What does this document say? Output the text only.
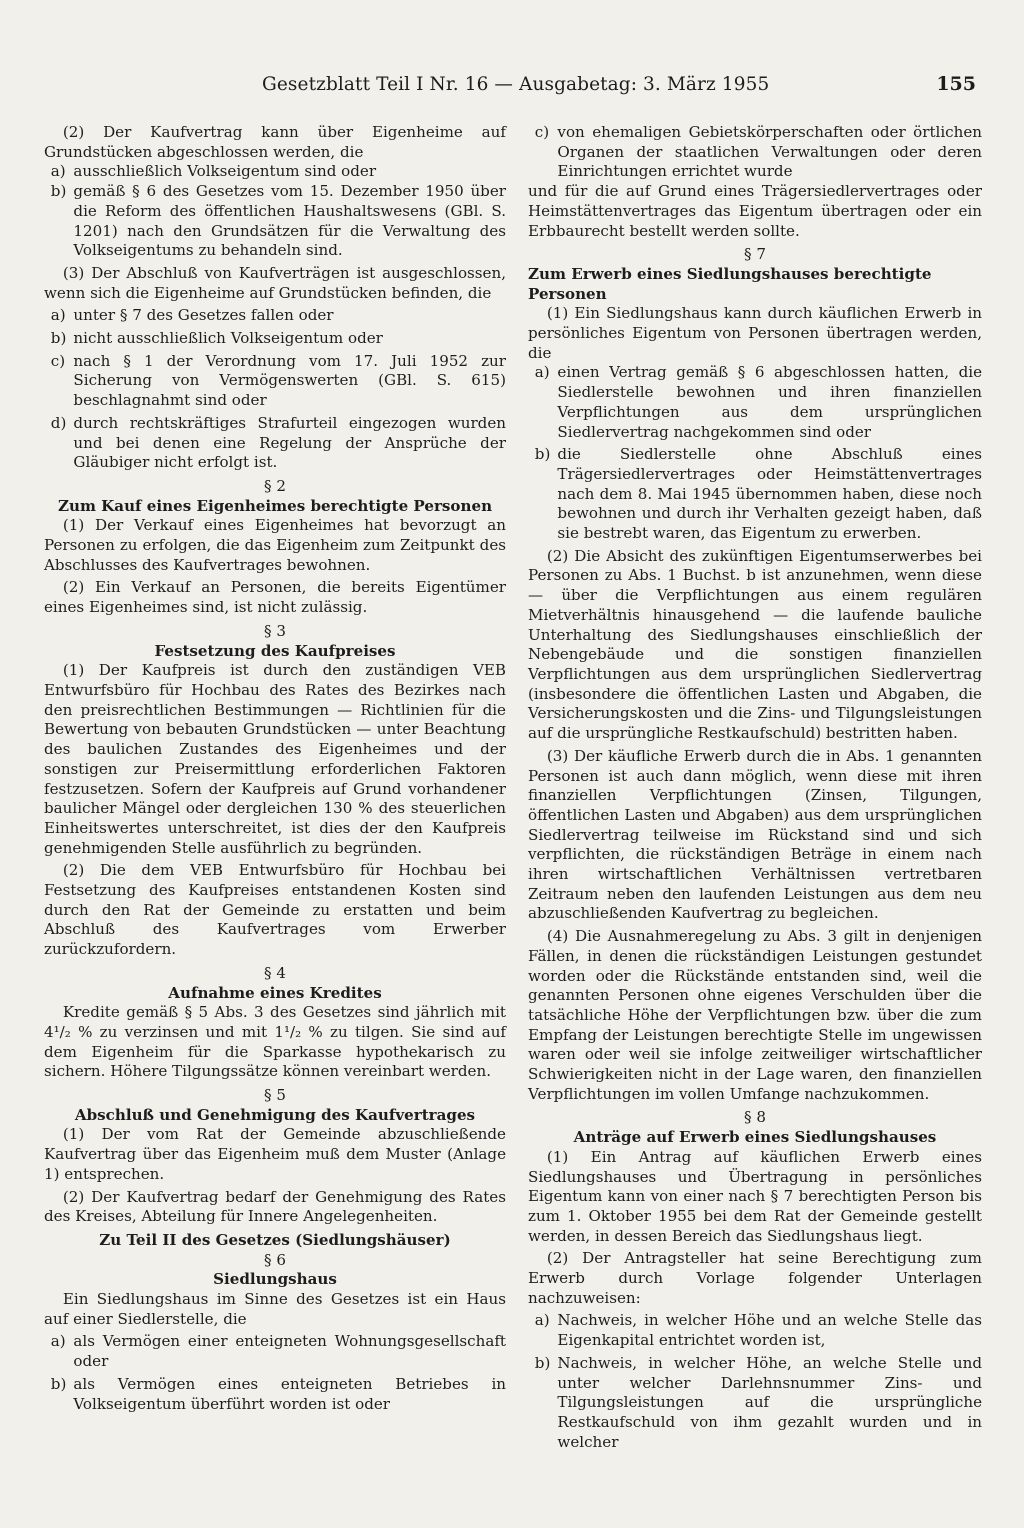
Gesetzblatt Teil I Nr. 16 — Ausgabetag: 3. März 1955	155

(2) Der Kaufvertrag kann über Eigenheime auf Grundstücken abgeschlossen werden, die

a) ausschließlich Volkseigentum sind oder
b) gemäß § 6 des Gesetzes vom 15. Dezember 1950 über die Reform des öffentlichen Haushaltswesens (GBl. S. 1201) nach den Grundsätzen für die Verwaltung des Volkseigentums zu behandeln sind.

(3) Der Abschluß von Kaufverträgen ist ausgeschlossen, wenn sich die Eigenheime auf Grundstücken befinden, die

a) unter § 7 des Gesetzes fallen oder
b) nicht ausschließlich Volkseigentum oder
c) nach § 1 der Verordnung vom 17. Juli 1952 zur Sicherung von Vermögenswerten (GBl. S. 615) beschlagnahmt sind oder
d) durch rechtskräftiges Strafurteil eingezogen wurden und bei denen eine Regelung der Ansprüche der Gläubiger nicht erfolgt ist.

§ 2

Zum Kauf eines Eigenheimes berechtigte Personen

(1) Der Verkauf eines Eigenheimes hat bevorzugt an Personen zu erfolgen, die das Eigenheim zum Zeitpunkt des Abschlusses des Kaufvertrages bewohnen.

(2) Ein Verkauf an Personen, die bereits Eigentümer eines Eigenheimes sind, ist nicht zulässig.

§ 3

Festsetzung des Kaufpreises

(1) Der Kaufpreis ist durch den zuständigen VEB Entwurfsbüro für Hochbau des Rates des Bezirkes nach den preisrechtlichen Bestimmungen — Richtlinien für die Bewertung von bebauten Grundstücken — unter Beachtung des baulichen Zustandes des Eigenheimes und der sonstigen zur Preisermittlung erforderlichen Faktoren festzusetzen. Sofern der Kaufpreis auf Grund vorhandener baulicher Mängel oder dergleichen 130 % des steuerlichen Einheitswertes unterschreitet, ist dies der den Kaufpreis genehmigenden Stelle ausführlich zu begründen.

(2) Die dem VEB Entwurfsbüro für Hochbau bei Festsetzung des Kaufpreises entstandenen Kosten sind durch den Rat der Gemeinde zu erstatten und beim Abschluß des Kaufvertrages vom Erwerber zurückzufordern.

§ 4

Aufnahme eines Kredites

Kredite gemäß § 5 Abs. 3 des Gesetzes sind jährlich mit 4¹/₂ % zu verzinsen und mit 1¹/₂ % zu tilgen. Sie sind auf dem Eigenheim für die Sparkasse hypothekarisch zu sichern. Höhere Tilgungssätze können vereinbart werden.

§ 5

Abschluß und Genehmigung des Kaufvertrages

(1) Der vom Rat der Gemeinde abzuschließende Kaufvertrag über das Eigenheim muß dem Muster (Anlage 1) entsprechen.

(2) Der Kaufvertrag bedarf der Genehmigung des Rates des Kreises, Abteilung für Innere Angelegenheiten.

Zu Teil II des Gesetzes (Siedlungshäuser)

§ 6

Siedlungshaus

Ein Siedlungshaus im Sinne des Gesetzes ist ein Haus auf einer Siedlerstelle, die

a) als Vermögen einer enteigneten Wohnungsgesellschaft oder
b) als Vermögen eines enteigneten Betriebes in Volkseigentum überführt worden ist oder
c) von ehemaligen Gebietskörperschaften oder örtlichen Organen der staatlichen Verwaltungen oder deren Einrichtungen errichtet wurde

und für die auf Grund eines Trägersiedlervertrages oder Heimstättenvertrages das Eigentum übertragen oder ein Erbbaurecht bestellt werden sollte.

§ 7

Zum Erwerb eines Siedlungshauses berechtigte Personen

(1) Ein Siedlungshaus kann durch käuflichen Erwerb in persönliches Eigentum von Personen übertragen werden, die

a) einen Vertrag gemäß § 6 abgeschlossen hatten, die Siedlerstelle bewohnen und ihren finanziellen Verpflichtungen aus dem ursprünglichen Siedlervertrag nachgekommen sind oder
b) die Siedlerstelle ohne Abschluß eines Trägersiedlervertrages oder Heimstättenvertrages nach dem 8. Mai 1945 übernommen haben, diese noch bewohnen und durch ihr Verhalten gezeigt haben, daß sie bestrebt waren, das Eigentum zu erwerben.

(2) Die Absicht des zukünftigen Eigentumserwerbes bei Personen zu Abs. 1 Buchst. b ist anzunehmen, wenn diese — über die Verpflichtungen aus einem regulären Mietverhältnis hinausgehend — die laufende bauliche Unterhaltung des Siedlungshauses einschließlich der Nebengebäude und die sonstigen finanziellen Verpflichtungen aus dem ursprünglichen Siedlervertrag (insbesondere die öffentlichen Lasten und Abgaben, die Versicherungskosten und die Zins- und Tilgungsleistungen auf die ursprüngliche Restkaufschuld) bestritten haben.

(3) Der käufliche Erwerb durch die in Abs. 1 genannten Personen ist auch dann möglich, wenn diese mit ihren finanziellen Verpflichtungen (Zinsen, Tilgungen, öffentlichen Lasten und Abgaben) aus dem ursprünglichen Siedlervertrag teilweise im Rückstand sind und sich verpflichten, die rückständigen Beträge in einem nach ihren wirtschaftlichen Verhältnissen vertretbaren Zeitraum neben den laufenden Leistungen aus dem neu abzuschließenden Kaufvertrag zu begleichen.

(4) Die Ausnahmeregelung zu Abs. 3 gilt in denjenigen Fällen, in denen die rückständigen Leistungen gestundet worden oder die Rückstände entstanden sind, weil die genannten Personen ohne eigenes Verschulden über die tatsächliche Höhe der Verpflichtungen bzw. über die zum Empfang der Leistungen berechtigte Stelle im ungewissen waren oder weil sie infolge zeitweiliger wirtschaftlicher Schwierigkeiten nicht in der Lage waren, den finanziellen Verpflichtungen im vollen Umfange nachzukommen.

§ 8

Anträge auf Erwerb eines Siedlungshauses

(1) Ein Antrag auf käuflichen Erwerb eines Siedlungshauses und Übertragung in persönliches Eigentum kann von einer nach § 7 berechtigten Person bis zum 1. Oktober 1955 bei dem Rat der Gemeinde gestellt werden, in dessen Bereich das Siedlungshaus liegt.

(2) Der Antragsteller hat seine Berechtigung zum Erwerb durch Vorlage folgender Unterlagen nachzuweisen:

a) Nachweis, in welcher Höhe und an welche Stelle das Eigenkapital entrichtet worden ist,
b) Nachweis, in welcher Höhe, an welche Stelle und unter welcher Darlehnsnummer Zins- und Tilgungsleistungen auf die ursprüngliche Restkaufschuld von ihm gezahlt wurden und in welcher
